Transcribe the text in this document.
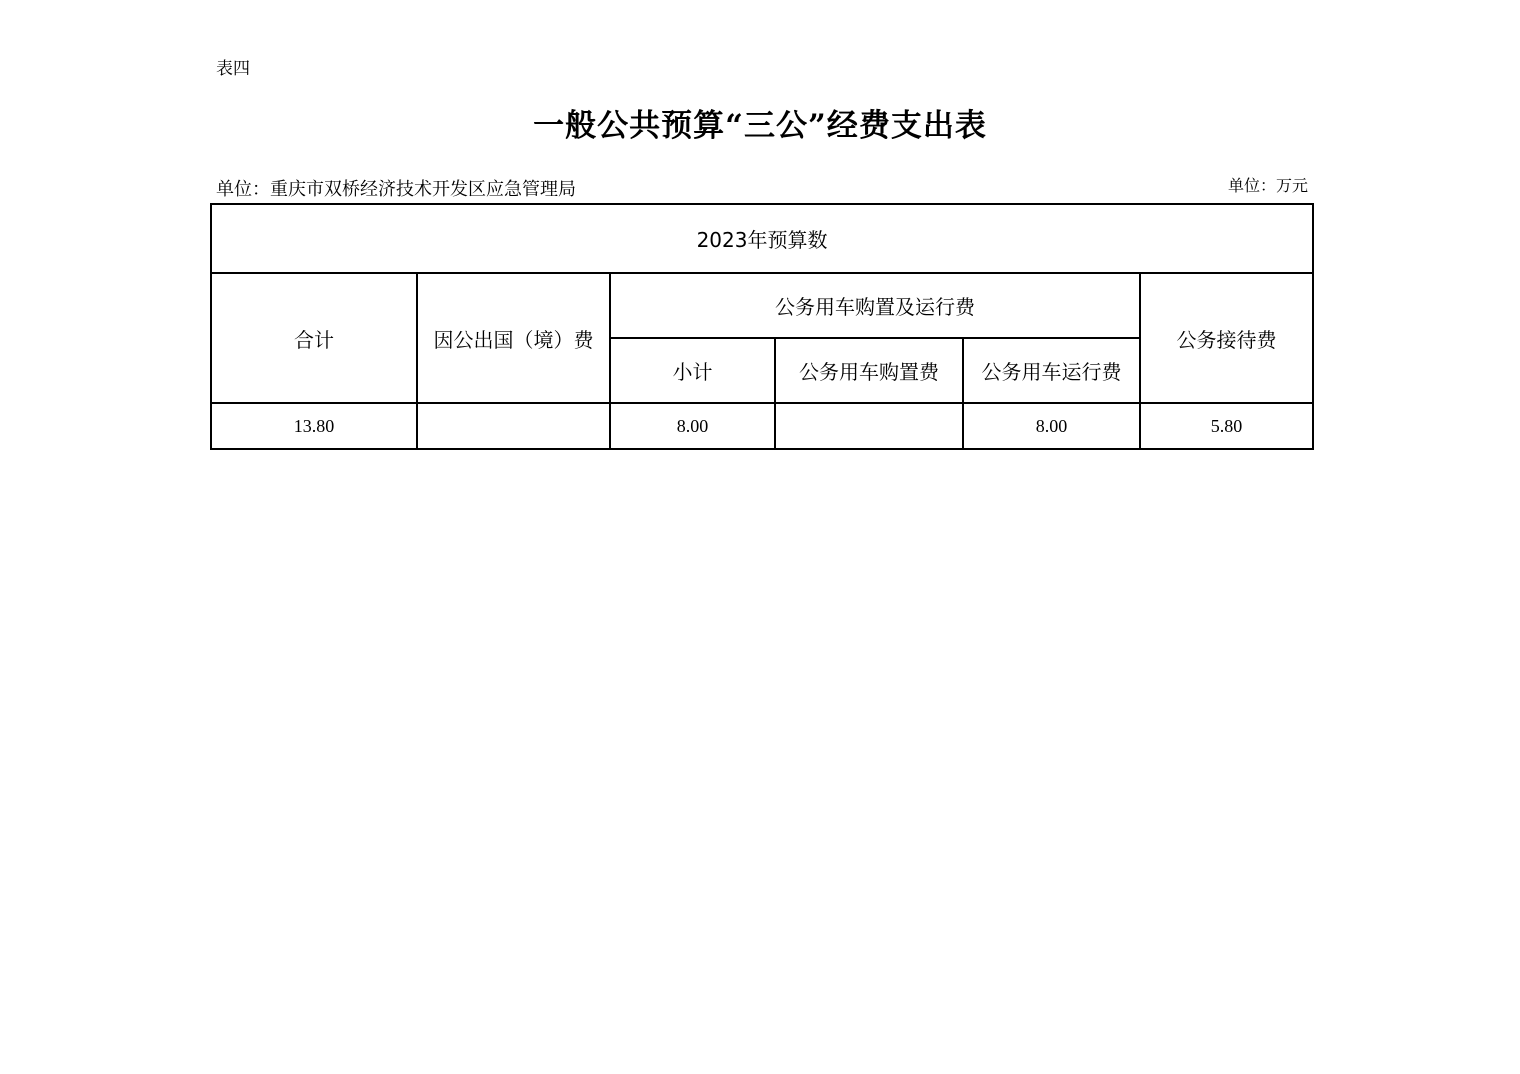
表四
一般公共预算“三公”经费支出表
单位：重庆市双桥经济技术开发区应急管理局	单位：万元
2023年预算数					
合计	因公出国（境）费	公务用车购置及运行费			公务接待费
		小计	公务用车购置费	公务用车运行费	
13.80		8.00		8.00	5.80
